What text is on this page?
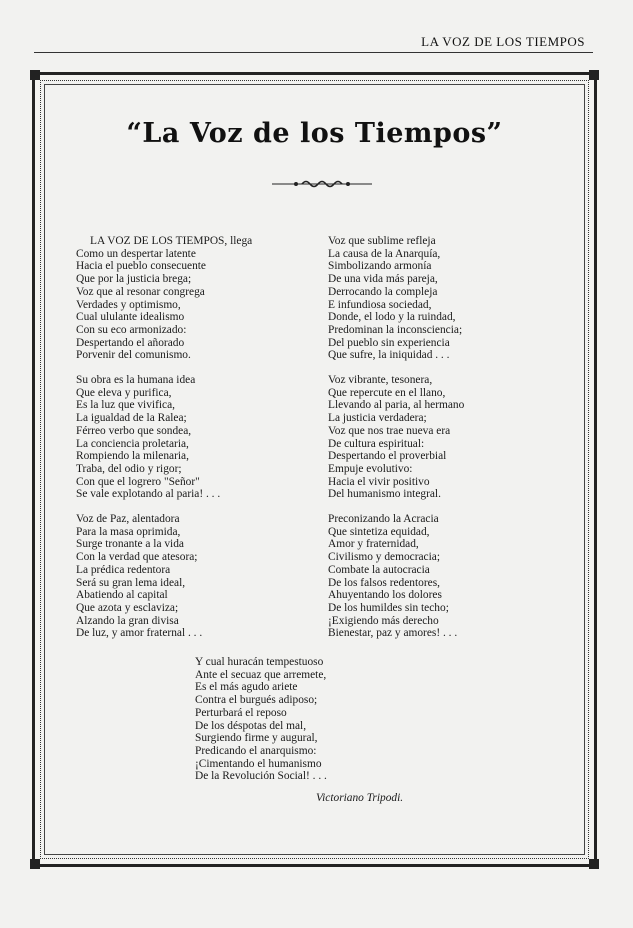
LA VOZ DE LOS TIEMPOS
“La Voz de los Tiempos”
LA VOZ DE LOS TIEMPOS, llega
Como un despertar latente
Hacia el pueblo consecuente
Que por la justicia brega;
Voz que al resonar congrega
Verdades y optimismo,
Cual ululante idealismo
Con su eco armonizado:
Despertando el añorado
Porvenir del comunismo.
Su obra es la humana idea
Que eleva y purifica,
Es la luz que vivifica,
La igualdad de la Ralea;
Férreo verbo que sondea,
La conciencia proletaria,
Rompiendo la milenaria,
Traba, del odio y rigor;
Con que el logrero "Señor"
Se vale explotando al paria! . . .
Voz de Paz, alentadora
Para la masa oprimida,
Surge tronante a la vida
Con la verdad que atesora;
La prédica redentora
Será su gran lema ideal,
Abatiendo al capital
Que azota y esclaviza;
Alzando la gran divisa
De luz, y amor fraternal . . .
Voz que sublime refleja
La causa de la Anarquía,
Simbolizando armonía
De una vida más pareja,
Derrocando la compleja
E infundiosa sociedad,
Donde, el lodo y la ruindad,
Predominan la inconsciencia;
Del pueblo sin experiencia
Que sufre, la iniquidad . . .
Voz vibrante, tesonera,
Que repercute en el llano,
Llevando al paria, al hermano
La justicia verdadera;
Voz que nos trae nueva era
De cultura espiritual:
Despertando el proverbial
Empuje evolutivo:
Hacia el vivir positivo
Del humanismo integral.
Preconizando la Acracia
Que sintetiza equidad,
Amor y fraternidad,
Civilismo y democracia;
Combate la autocracia
De los falsos redentores,
Ahuyentando los dolores
De los humildes sin techo;
¡Exigiendo más derecho
Bienestar, paz y amores! . . .
Y cual huracán tempestuoso
Ante el secuaz que arremete,
Es el más agudo ariete
Contra el burgués adiposo;
Perturbará el reposo
De los déspotas del mal,
Surgiendo firme y augural,
Predicando el anarquismo:
¡Cimentando el humanismo
De la Revolución Social! . . .
Victoriano Tripodi.
